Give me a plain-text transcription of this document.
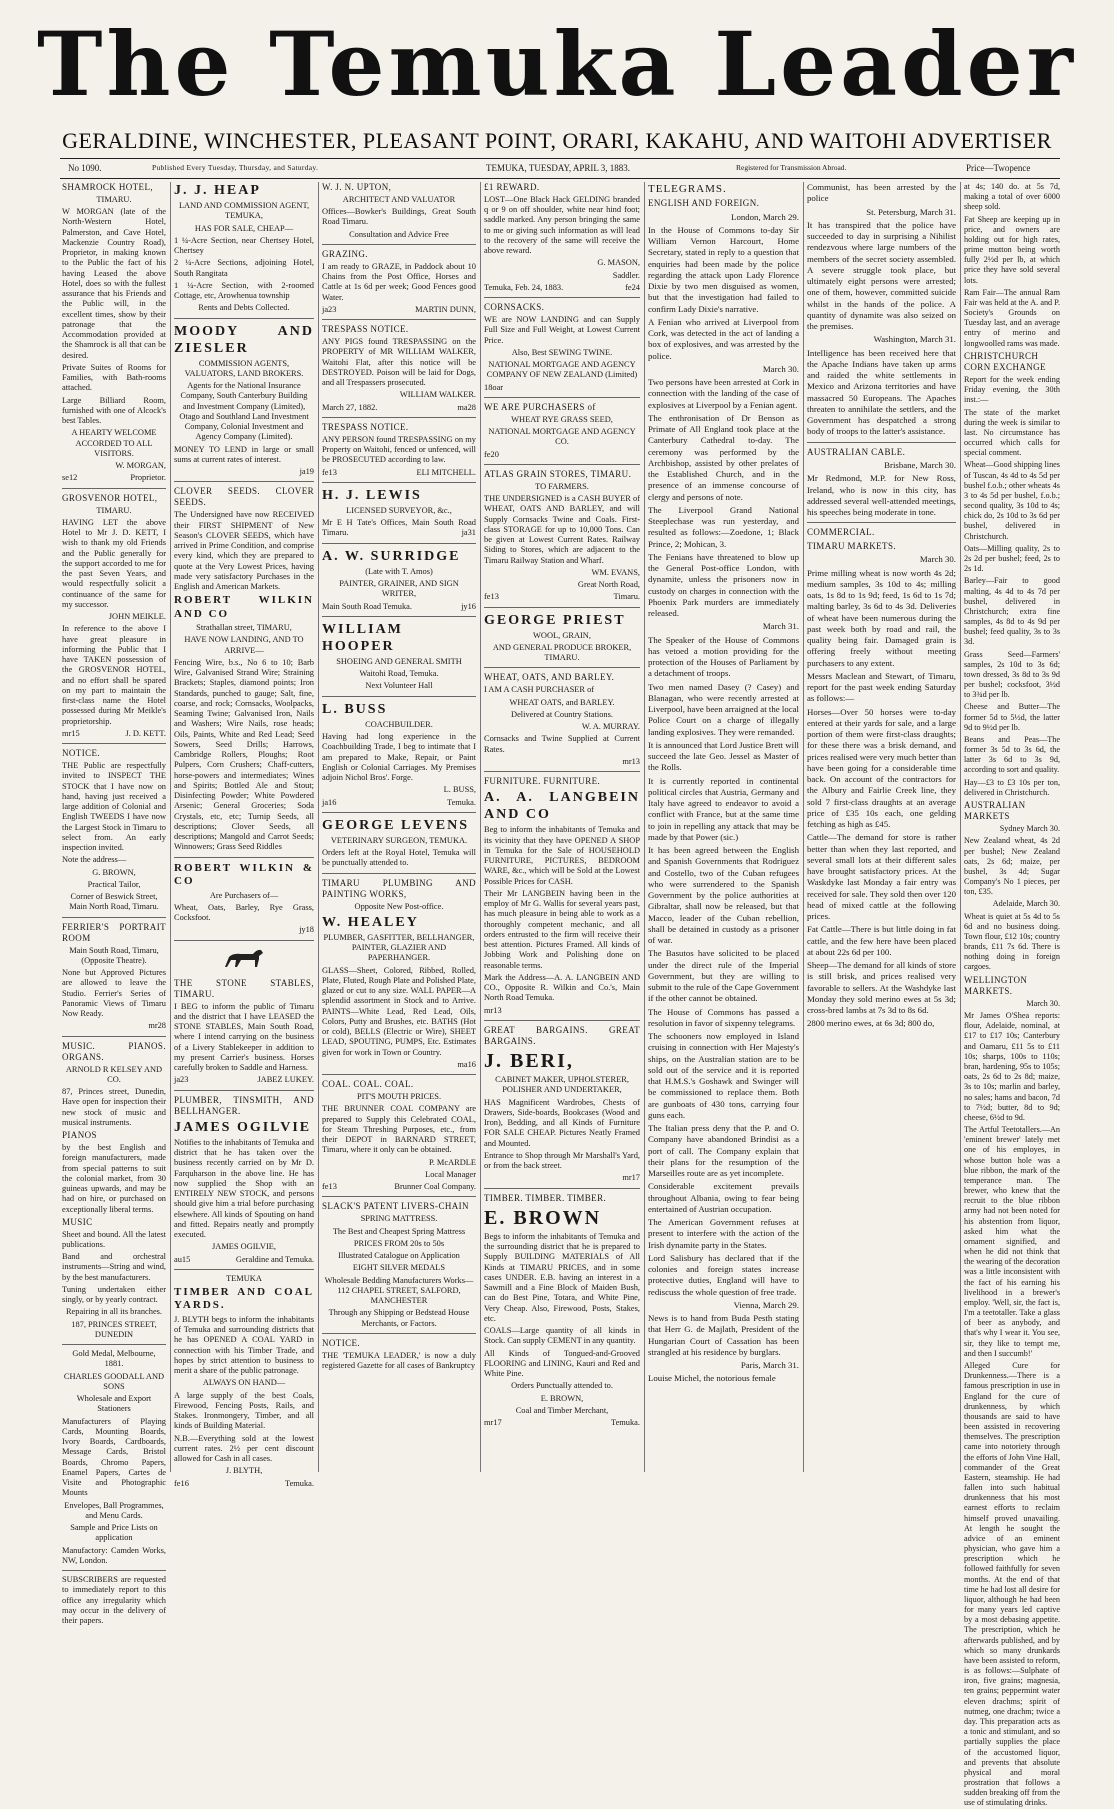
The Temuka Leader
GERALDINE, WINCHESTER, PLEASANT POINT, ORARI, KAKAHU, AND WAITOHI ADVERTISER
No 1090.	Published Every Tuesday, Thursday, and Saturday.	TEMUKA, TUESDAY, APRIL 3, 1883.	Registered for Transmission Abroad.	Price—Twopence

SHAMROCK HOTEL,

TIMARU.

W MORGAN (late of the North-Western Hotel, Palmerston, and Cave Hotel, Mackenzie Country Road), Proprietor, in making known to the Public the fact of his having Leased the above Hotel, does so with the fullest assurance that his Friends and the Public will, in the excellent times, show by their patronage that the Accommodation provided at the Shamrock is all that can be desired.

Private Suites of Rooms for Families, with Bath-rooms attached.

Large Billiard Room, furnished with one of Alcock's best Tables.

A HEARTY WELCOME ACCORDED TO ALL VISITORS.

W. MORGAN,

se12	Proprietor.

GROSVENOR HOTEL,

TIMARU.

HAVING LET the above Hotel to Mr J. D. KETT, I wish to thank my old Friends and the Public generally for the support accorded to me for the past Seven Years, and would respectfully solicit a continuance of the same for my successor.

JOHN MEIKLE.

In reference to the above I have great pleasure in informing the Public that I have TAKEN possession of the GROSVENOR HOTEL, and no effort shall be spared on my part to maintain the first-class name the Hotel possessed during Mr Meikle's proprietorship.

mr15	J. D. KETT.

NOTICE.

THE Public are respectfully invited to INSPECT THE STOCK that I have now on hand, having just received a large addition of Colonial and English TWEEDS I have now the Largest Stock in Timaru to select from. An early inspection invited.

Note the address—

G. BROWN,

Practical Tailor,

Corner of Beswick Street, Main North Road, Timaru.

FERRIER'S PORTRAIT ROOM

Main South Road, Timaru, (Opposite Theatre).

None but Approved Pictures are allowed to leave the Studio. Ferrier's Series of Panoramic Views of Timaru Now Ready.

mr28

MUSIC. PIANOS. ORGANS.

ARNOLD R KELSEY AND CO.

87, Princes street, Dunedin, Have open for inspection their new stock of music and musical instruments.

PIANOS

by the best English and foreign manufacturers, made from special patterns to suit the colonial market, from 30 guineas upwards, and may be had on hire, or purchased on exceptionally liberal terms.

MUSIC

Sheet and bound. All the latest publications.

Band and orchestral instruments—String and wind, by the best manufacturers.

Tuning undertaken either singly, or by yearly contract.

Repairing in all its branches.

187, PRINCES STREET, DUNEDIN

Gold Medal, Melbourne, 1881.

CHARLES GOODALL AND SONS

Wholesale and Export Stationers

Manufacturers of Playing Cards, Mounting Boards, Ivory Boards, Cardboards, Message Cards, Bristol Boards, Chromo Papers, Enamel Papers, Cartes de Visite and Photographic Mounts

Envelopes, Ball Programmes, and Menu Cards.

Sample and Price Lists on application

Manufactory: Camden Works, NW, London.

SUBSCRIBERS are requested to immediately report to this office any irregularity which may occur in the delivery of their papers.

J. J. HEAP

LAND AND COMMISSION AGENT, TEMUKA,

HAS FOR SALE, CHEAP—

1 ¼-Acre Section, near Chertsey Hotel, Chertsey

2 ¼-Acre Sections, adjoining Hotel, South Rangitata

1 ¼-Acre Section, with 2-roomed Cottage, etc, Arowhenua township

Rents and Debts Collected.

MOODY AND ZIESLER

COMMISSION AGENTS, VALUATORS, LAND BROKERS.

Agents for the National Insurance Company, South Canterbury Building and Investment Company (Limited), Otago and Southland Land Investment Company, Colonial Investment and Agency Company (Limited).

MONEY TO LEND in large or small sums at current rates of interest.

ja19

CLOVER SEEDS. CLOVER SEEDS.

The Undersigned have now RECEIVED their FIRST SHIPMENT of New Season's CLOVER SEEDS, which have arrived in Prime Condition, and comprise every kind, which they are prepared to quote at the Very Lowest Prices, having made very satisfactory Purchases in the English and American Markets.

ROBERT WILKIN AND CO

Strathallan street, TIMARU,

HAVE NOW LANDING, AND TO ARRIVE—

Fencing Wire, b.s., No 6 to 10; Barb Wire, Galvanised Strand Wire; Straining Brackets; Staples, diamond points; Iron Standards, punched to gauge; Salt, fine, coarse, and rock; Cornsacks, Woolpacks, Seaming Twine; Galvanised Iron, Nails and Washers; Wire Nails, rose heads; Oils, Paints, White and Red Lead; Seed Sowers, Seed Drills; Harrows, Cambridge Rollers, Ploughs; Root Pulpers, Corn Crushers; Chaff-cutters, horse-powers and intermediates; Wines and Spirits; Bottled Ale and Stout; Disinfecting Powder; White Powdered Arsenic; General Groceries; Soda Crystals, etc, etc; Turnip Seeds, all descriptions; Clover Seeds, all descriptions; Mangold and Carrot Seeds; Winnowers; Grass Seed Riddles

ROBERT WILKIN & CO

Are Purchasers of—

Wheat, Oats, Barley, Rye Grass, Cocksfoot.

jy18

THE STONE STABLES, TIMARU.

I BEG to inform the public of Timaru and the district that I have LEASED the STONE STABLES, Main South Road, where I intend carrying on the business of a Livery Stablekeeper in addition to my present Carrier's business. Horses carefully broken to Saddle and Harness.

ja23	JABEZ LUKEY.

PLUMBER, TINSMITH, AND BELLHANGER.

JAMES OGILVIE

Notifies to the inhabitants of Temuka and district that he has taken over the business recently carried on by Mr D. Farquharson in the above line. He has now supplied the Shop with an ENTIRELY NEW STOCK, and persons should give him a trial before purchasing elsewhere. All kinds of Spouting on hand and fitted. Repairs neatly and promptly executed.

JAMES OGILVIE,

au15	Geraldine and Temuka.

TEMUKA

TIMBER AND COAL YARDS.

J. BLYTH begs to inform the inhabitants of Temuka and surrounding districts that he has OPENED A COAL YARD in connection with his Timber Trade, and hopes by strict attention to business to merit a share of the public patronage.

ALWAYS ON HAND—

A large supply of the best Coals, Firewood, Fencing Posts, Rails, and Stakes. Ironmongery, Timber, and all kinds of Building Material.

N.B.—Everything sold at the lowest current rates. 2½ per cent discount allowed for Cash in all cases.

J. BLYTH,

fe16	Temuka.

W. J. N. UPTON,

ARCHITECT AND VALUATOR

Offices—Bowker's Buildings, Great South Road Timaru.

Consultation and Advice Free

GRAZING.

I am ready to GRAZE, in Paddock about 10 Chains from the Post Office, Horses and Cattle at 1s 6d per week; Good Fences good Water.

ja23	MARTIN DUNN,

TRESPASS NOTICE.

ANY PIGS found TRESPASSING on the PROPERTY of MR WILLIAM WALKER, Waitohi Flat, after this notice will be DESTROYED. Poison will be laid for Dogs, and all Trespassers prosecuted.

WILLIAM WALKER.

March 27, 1882.	ma28

TRESPASS NOTICE.

ANY PERSON found TRESPASSING on my Property on Waitohi, fenced or unfenced, will be PROSECUTED according to law.

fe13	ELI MITCHELL.

H. J. LEWIS

LICENSED SURVEYOR, &c.,

Mr E H Tate's Offices, Main South Road Timaru.	ja31

A. W. SURRIDGE

(Late with T. Amos)

PAINTER, GRAINER, AND SIGN WRITER,

Main South Road Temuka.	jy16

WILLIAM HOOPER

SHOEING AND GENERAL SMITH

Waitohi Road, Temuka.

Next Volunteer Hall

L. BUSS

COACHBUILDER.

Having had long experience in the Coachbuilding Trade, I beg to intimate that I am prepared to Make, Repair, or Paint English or Colonial Carriages. My Premises adjoin Nichol Bros'. Forge.

L. BUSS,

ja16	Temuka.

GEORGE LEVENS

VETERINARY SURGEON, TEMUKA.

Orders left at the Royal Hotel, Temuka will be punctually attended to.

TIMARU PLUMBING AND PAINTING WORKS,

Opposite New Post-office.

W. HEALEY

PLUMBER, GASFITTER, BELLHANGER, PAINTER, GLAZIER AND PAPERHANGER.

GLASS—Sheet, Colored, Ribbed, Rolled, Plate, Fluted, Rough Plate and Polished Plate, glazed or cut to any size. WALL PAPER—A splendid assortment in Stock and to Arrive. PAINTS—White Lead, Red Lead, Oils, Colors, Putty and Brushes, etc. BATHS (Hot or cold), BELLS (Electric or Wire), SHEET LEAD, SPOUTING, PUMPS, Etc. Estimates given for work in Town or Country.

ma16

COAL. COAL. COAL.

PIT'S MOUTH PRICES.

THE BRUNNER COAL COMPANY are prepared to Supply this Celebrated COAL, for Steam Threshing Purposes, etc., from their DEPOT in BARNARD STREET, Timaru, where it only can be obtained.

P. McARDLE

Local Manager

fe13	Brunner Coal Company.

SLACK'S PATENT LIVERS-CHAIN

SPRING MATTRESS.

The Best and Cheapest Spring Mattress

PRICES FROM 20s to 50s

Illustrated Catalogue on Application

EIGHT SILVER MEDALS

Wholesale Bedding Manufacturers Works—112 CHAPEL STREET, SALFORD, MANCHESTER

Through any Shipping or Bedstead House Merchants, or Factors.

NOTICE.

THE 'TEMUKA LEADER,' is now a duly registered Gazette for all cases of Bankruptcy

£1 REWARD.

LOST—One Black Hack GELDING branded q or 9 on off shoulder, white near hind foot; saddle marked. Any person bringing the same to me or giving such information as will lead to the recovery of the same will receive the above reward.

G. MASON,

Saddler.

Temuka, Feb. 24, 1883.	fe24

CORNSACKS.

WE are NOW LANDING and can Supply Full Size and Full Weight, at Lowest Current Price.

Also, Best SEWING TWINE.

NATIONAL MORTGAGE AND AGENCY COMPANY OF NEW ZEALAND (Limited)

18oar

WE ARE PURCHASERS of

WHEAT RYE GRASS SEED,

NATIONAL MORTGAGE AND AGENCY CO.

fe20

ATLAS GRAIN STORES, TIMARU.

TO FARMERS.

THE UNDERSIGNED is a CASH BUYER of WHEAT, OATS AND BARLEY, and will Supply Cornsacks Twine and Coals. First-class STORAGE for up to 10,000 Tons. Can be given at Lowest Current Rates. Railway Siding to Stores, which are adjacent to the Timaru Railway Station and Wharf.

WM. EVANS,

Great North Road,

fe13	Timaru.

GEORGE PRIEST

WOOL, GRAIN,

AND GENERAL PRODUCE BROKER, TIMARU.

WHEAT, OATS, AND BARLEY.

I AM A CASH PURCHASER of

WHEAT OATS, and BARLEY.

Delivered at Country Stations.

W. A. MURRAY.

Cornsacks and Twine Supplied at Current Rates.

mr13

FURNITURE. FURNITURE.

A. A. LANGBEIN AND CO

Beg to inform the inhabitants of Temuka and its vicinity that they have OPENED A SHOP in Temuka for the Sale of HOUSEHOLD FURNITURE, PICTURES, BEDROOM WARE, &c., which will be Sold at the Lowest Possible Prices for CASH.

Their Mr LANGBEIN having been in the employ of Mr G. Wallis for several years past, has much pleasure in being able to work as a thoroughly competent mechanic, and all orders entrusted to the firm will receive their best attention. Pictures Framed. All kinds of Jobbing Work and Polishing done on reasonable terms.

Mark the Address—A. A. LANGBEIN AND CO., Opposite R. Wilkin and Co.'s, Main North Road Temuka.

mr13

GREAT BARGAINS. GREAT BARGAINS.

J. BERI,

CABINET MAKER, UPHOLSTERER, POLISHER AND UNDERTAKER,

HAS Magnificent Wardrobes, Chests of Drawers, Side-boards, Bookcases (Wood and Iron), Bedding, and all Kinds of Furniture FOR SALE CHEAP. Pictures Neatly Framed and Mounted.

Entrance to Shop through Mr Marshall's Yard, or from the back street.

mr17

TIMBER. TIMBER. TIMBER.

E. BROWN

Begs to inform the inhabitants of Temuka and the surrounding district that he is prepared to Supply BUILDING MATERIALS of All Kinds at TIMARU PRICES, and in some cases UNDER. E.B. having an interest in a Sawmill and a Fine Block of Maiden Bush, can do Best Pine, Totara, and White Pine, Very Cheap. Also, Firewood, Posts, Stakes, etc.

COALS—Large quantity of all kinds in Stock. Can supply CEMENT in any quantity.

All Kinds of Tongued-and-Grooved FLOORING and LINING, Kauri and Red and White Pine.

Orders Punctually attended to.

E. BROWN,

Coal and Timber Merchant,

mr17	Temuka.

TELEGRAMS.

ENGLISH AND FOREIGN.

London, March 29.

In the House of Commons to-day Sir William Vernon Harcourt, Home Secretary, stated in reply to a question that enquiries had been made by the police regarding the attack upon Lady Florence Dixie by two men disguised as women, but that the investigation had failed to confirm Lady Dixie's narrative.

A Fenian who arrived at Liverpool from Cork, was detected in the act of landing a box of explosives, and was arrested by the police.

March 30.

Two persons have been arrested at Cork in connection with the landing of the case of explosives at Liverpool by a Fenian agent.

The enthronisation of Dr Benson as Primate of All England took place at the Canterbury Cathedral to-day. The ceremony was performed by the Archbishop, assisted by other prelates of the Established Church, and in the presence of an immense concourse of clergy and persons of note.

The Liverpool Grand National Steeplechase was run yesterday, and resulted as follows:—Zoedone, 1; Black Prince, 2; Mohican, 3.

The Fenians have threatened to blow up the General Post-office London, with dynamite, unless the prisoners now in custody on charges in connection with the Phoenix Park murders are immediately released.

March 31.

The Speaker of the House of Commons has vetoed a motion providing for the protection of the Houses of Parliament by a detachment of troops.

Two men named Dasey (? Casey) and Blanagan, who were recently arrested at Liverpool, have been arraigned at the local Police Court on a charge of illegally landing explosives. They were remanded.

It is announced that Lord Justice Brett will succeed the late Geo. Jessel as Master of the Rolls.

It is currently reported in continental political circles that Austria, Germany and Italy have agreed to endeavor to avoid a conflict with France, but at the same time to join in repelling any attack that may be made by that Power (sic.)

It has been agreed between the English and Spanish Governments that Rodriguez and Costello, two of the Cuban refugees who were surrendered to the Spanish Government by the police authorities at Gibraltar, shall now be released, but that Macco, leader of the Cuban rebellion, shall be detained in custody as a prisoner of war.

The Basutos have solicited to be placed under the direct rule of the Imperial Government, but they are willing to submit to the rule of the Cape Government if the other cannot be obtained.

The House of Commons has passed a resolution in favor of sixpenny telegrams.

The schooners now employed in Island cruising in connection with Her Majesty's ships, on the Australian station are to be sold out of the service and it is reported that H.M.S.'s Goshawk and Swinger will be commissioned to replace them. Both are gunboats of 430 tons, carrying four guns each.

The Italian press deny that the P. and O. Company have abandoned Brindisi as a port of call. The Company explain that their plans for the resumption of the Marseilles route are as yet incomplete.

Considerable excitement prevails throughout Albania, owing to fear being entertained of Austrian occupation.

The American Government refuses at present to interfere with the action of the Irish dynamite party in the States.

Lord Salisbury has declared that if the colonies and foreign states increase protective duties, England will have to rediscuss the whole question of free trade.

Vienna, March 29.

News is to hand from Buda Pesth stating that Herr G. de Majlath, President of the Hungarian Court of Cassation has been strangled at his residence by burglars.

Paris, March 31.

Louise Michel, the notorious female

Communist, has been arrested by the police

St. Petersburg, March 31.

It has transpired that the police have succeeded to day in surprising a Nihilist rendezvous where large numbers of the members of the secret society assembled. A severe struggle took place, but ultimately eight persons were arrested; one of them, however, committed suicide whilst in the hands of the police. A quantity of dynamite was also seized on the premises.

Washington, March 31.

Intelligence has been received here that the Apache Indians have taken up arms and raided the white settlements in Mexico and Arizona territories and have massacred 50 Europeans. The Apaches threaten to annihilate the settlers, and the Government has despatched a strong body of troops to the latter's assistance.

AUSTRALIAN CABLE.

Brisbane, March 30.

Mr Redmond, M.P. for New Ross, Ireland, who is now in this city, has addressed several well-attended meetings, his speeches being moderate in tone.

COMMERCIAL.

TIMARU MARKETS.

March 30.

Prime milling wheat is now worth 4s 2d; medium samples, 3s 10d to 4s; milling oats, 1s 8d to 1s 9d; feed, 1s 6d to 1s 7d; malting barley, 3s 6d to 4s 3d. Deliveries of wheat have been numerous during the past week both by road and rail, the quality being fair. Damaged grain is offering freely without meeting purchasers to any extent.

Messrs Maclean and Stewart, of Timaru, report for the past week ending Saturday as follows:—

Horses—Over 50 horses were to-day entered at their yards for sale, and a large portion of them were first-class draughts; for these there was a brisk demand, and prices realised were very much better than have been going for a considerable time back. On account of the contractors for the Albury and Fairlie Creek line, they sold 7 first-class draughts at an average price of £35 10s each, one gelding fetching as high as £45.

Cattle—The demand for store is rather better than when they last reported, and several small lots at their different sales have brought satisfactory prices. At the Waskdyke last Monday a fair entry was received for sale. They sold then over 120 head of mixed cattle at the following prices.

Fat Cattle—There is but little doing in fat cattle, and the few here have been placed at about 22s 6d per 100.

Sheep—The demand for all kinds of store is still brisk, and prices realised very favorable to sellers. At the Washdyke last Monday they sold merino ewes at 5s 3d; cross-bred lambs at 7s 3d to 8s 6d.

2800 merino ewes, at 6s 3d; 800 do,

at 4s; 140 do. at 5s 7d, making a total of over 6000 sheep sold.

Fat Sheep are keeping up in price, and owners are holding out for high rates, prime mutton being worth fully 2½d per lb, at which price they have sold several lots.

Ram Fair—The annual Ram Fair was held at the A. and P. Society's Grounds on Tuesday last, and an average entry of merino and longwoolled rams was made.

CHRISTCHURCH CORN EXCHANGE

Report for the week ending Friday evening, the 30th inst.:—

The state of the market during the week is similar to last. No circumstance has occurred which calls for special comment.

Wheat—Good shipping lines of Tuscan, 4s 4d to 4s 5d per bushel f.o.b.; other wheats 4s 3 to 4s 5d per bushel, f.o.b.; second quality, 3s 10d to 4s; chick do, 2s 10d to 3s 6d per bushel, delivered in Christchurch.

Oats—Milling quality, 2s to 2s 2d per bushel; feed, 2s to 2s 1d.

Barley—Fair to good malting, 4s 4d to 4s 7d per bushel, delivered in Christchurch; extra fine samples, 4s 8d to 4s 9d per bushel; feed quality, 3s to 3s 3d.

Grass Seed—Farmers' samples, 2s 10d to 3s 6d; town dressed, 3s 8d to 3s 9d per bushel; cocksfoot, 3½d to 3¾d per lb.

Cheese and Butter—The former 5d to 5½d, the latter 9d to 9½d per lb.

Beans and Peas—The former 3s 5d to 3s 6d, the latter 3s 6d to 3s 9d, according to sort and quality.

Hay—£3 to £3 10s per ton, delivered in Christchurch.

AUSTRALIAN MARKETS

Sydney March 30.

New Zealand wheat, 4s 2d per bushel; New Zealand oats, 2s 6d; maize, per bushel, 3s 4d; Sugar Company's No 1 pieces, per ton, £35.

Adelaide, March 30.

Wheat is quiet at 5s 4d to 5s 6d and no business doing. Town flour, £12 10s; country brands, £11 7s 6d. There is nothing doing in foreign cargoes.

WELLINGTON MARKETS.

March 30.

Mr James O'Shea reports: flour, Adelaide, nominal, at £17 to £17 10s; Canterbury and Oamaru, £11 5s to £11 10s; sharps, 100s to 110s; bran, hardening, 95s to 105s; oats, 2s 6d to 2s 8d; maize, 3s to 10s; marlin and barley, no sales; hams and bacon, 7d to 7½d; butter, 8d to 9d; cheese, 6½d to 9d.

The Artful Teetotallers.—An 'eminent brewer' lately met one of his employes, in whose button hole was a blue ribbon, the mark of the temperance man. The brewer, who knew that the recruit to the blue ribbon army had not been noted for his abstention from liquor, asked him what the ornament signified, and when he did not think that the wearing of the decoration was a little inconsistent with the fact of his earning his livelihood in a brewer's employ. 'Well, sir, the fact is, I'm a teetotaller. Take a glass of beer as anybody, and that's why I wear it. You see, sir, they like to tempt me, and then I succumb!'

Alleged Cure for Drunkenness.—There is a famous prescription in use in England for the cure of drunkenness, by which thousands are said to have been assisted in recovering themselves. The prescription came into notoriety through the efforts of John Vine Hall, commander of the Great Eastern, steamship. He had fallen into such habitual drunkenness that his most earnest efforts to reclaim himself proved unavailing. At length he sought the advice of an eminent physician, who gave him a prescription which he followed faithfully for seven months. At the end of that time he had lost all desire for liquor, although he had been for many years led captive by a most debasing appetite. The prescription, which he afterwards published, and by which so many drunkards have been assisted to reform, is as follows:—Sulphate of iron, five grains; magnesia, ten grains; peppermint water eleven drachms; spirit of nutmeg, one drachm; twice a day. This preparation acts as a tonic and stimulant, and so partially supplies the place of the accustomed liquor, and prevents that absolute physical and moral prostration that follows a sudden breaking off from the use of stimulating drinks.
